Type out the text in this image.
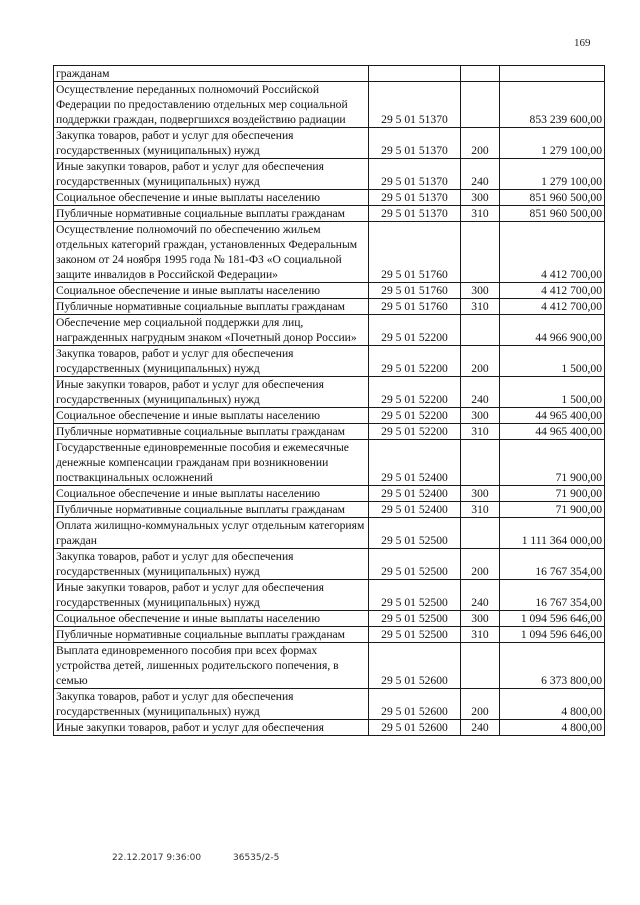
169
гражданам			
Осуществление переданных полномочий Российской Федерации по предоставлению отдельных мер социальной поддержки граждан, подвергшихся воздействию радиации	29 5 01 51370		853 239 600,00
Закупка товаров, работ и услуг для обеспечения государственных (муниципальных) нужд	29 5 01 51370	200	1 279 100,00
Иные закупки товаров, работ и услуг для обеспечения государственных (муниципальных) нужд	29 5 01 51370	240	1 279 100,00
Социальное обеспечение и иные выплаты населению	29 5 01 51370	300	851 960 500,00
Публичные нормативные социальные выплаты гражданам	29 5 01 51370	310	851 960 500,00
Осуществление полномочий по обеспечению жильем отдельных категорий граждан, установленных Федеральным законом от 24 ноября 1995 года № 181-ФЗ «О социальной защите инвалидов в Российской Федерации»	29 5 01 51760		4 412 700,00
Социальное обеспечение и иные выплаты населению	29 5 01 51760	300	4 412 700,00
Публичные нормативные социальные выплаты гражданам	29 5 01 51760	310	4 412 700,00
Обеспечение мер социальной поддержки для лиц, награжденных нагрудным знаком «Почетный донор России»	29 5 01 52200		44 966 900,00
Закупка товаров, работ и услуг для обеспечения государственных (муниципальных) нужд	29 5 01 52200	200	1 500,00
Иные закупки товаров, работ и услуг для обеспечения государственных (муниципальных) нужд	29 5 01 52200	240	1 500,00
Социальное обеспечение и иные выплаты населению	29 5 01 52200	300	44 965 400,00
Публичные нормативные социальные выплаты гражданам	29 5 01 52200	310	44 965 400,00
Государственные единовременные пособия и ежемесячные денежные компенсации гражданам при возникновении поствакцинальных осложнений	29 5 01 52400		71 900,00
Социальное обеспечение и иные выплаты населению	29 5 01 52400	300	71 900,00
Публичные нормативные социальные выплаты гражданам	29 5 01 52400	310	71 900,00
Оплата жилищно-коммунальных услуг отдельным категориям граждан	29 5 01 52500		1 111 364 000,00
Закупка товаров, работ и услуг для обеспечения государственных (муниципальных) нужд	29 5 01 52500	200	16 767 354,00
Иные закупки товаров, работ и услуг для обеспечения государственных (муниципальных) нужд	29 5 01 52500	240	16 767 354,00
Социальное обеспечение и иные выплаты населению	29 5 01 52500	300	1 094 596 646,00
Публичные нормативные социальные выплаты гражданам	29 5 01 52500	310	1 094 596 646,00
Выплата единовременного пособия при всех формах устройства детей, лишенных родительского попечения, в семью	29 5 01 52600		6 373 800,00
Закупка товаров, работ и услуг для обеспечения государственных (муниципальных) нужд	29 5 01 52600	200	4 800,00
Иные закупки товаров, работ и услуг для обеспечения	29 5 01 52600	240	4 800,00
22.12.2017 9:36:00	36535/2-5
